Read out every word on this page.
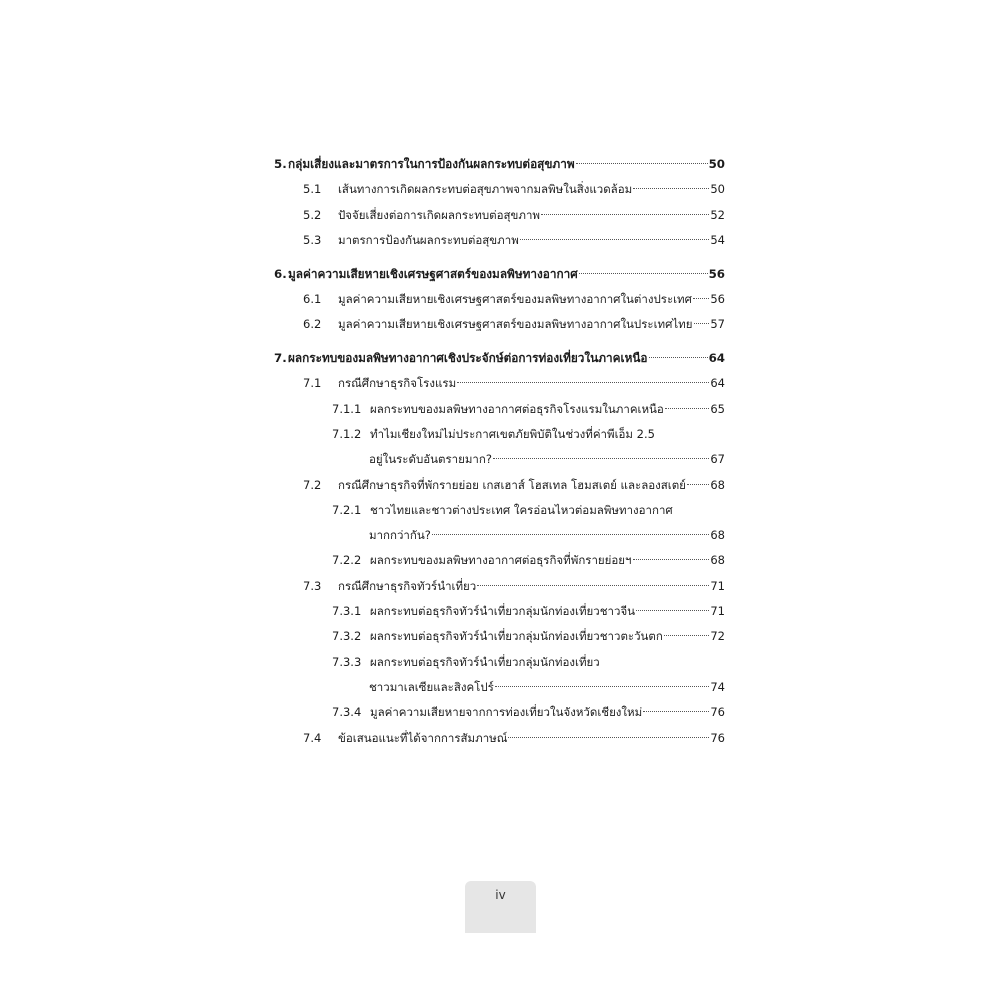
5. กลุ่มเสี่ยงและมาตรการในการป้องกันผลกระทบต่อสุขภาพ	50
5.1	เส้นทางการเกิดผลกระทบต่อสุขภาพจากมลพิษในสิ่งแวดล้อม	50
5.2	ปัจจัยเสี่ยงต่อการเกิดผลกระทบต่อสุขภาพ	52
5.3	มาตรการป้องกันผลกระทบต่อสุขภาพ	54
6. มูลค่าความเสียหายเชิงเศรษฐศาสตร์ของมลพิษทางอากาศ	56
6.1	มูลค่าความเสียหายเชิงเศรษฐศาสตร์ของมลพิษทางอากาศในต่างประเทศ 56
6.2	มูลค่าความเสียหายเชิงเศรษฐศาสตร์ของมลพิษทางอากาศในประเทศไทย 57
7. ผลกระทบของมลพิษทางอากาศเชิงประจักษ์ต่อการท่องเที่ยวในภาคเหนือ	64
7.1	กรณีศึกษาธุรกิจโรงแรม	64
7.1.1 ผลกระทบของมลพิษทางอากาศต่อธุรกิจโรงแรมในภาคเหนือ	65
7.1.2 ทำไมเชียงใหม่ไม่ประกาศเขตภัยพิบัติในช่วงที่ค่าพีเอ็ม 2.5
อยู่ในระดับอันตรายมาก?	67
7.2	กรณีศึกษาธุรกิจที่พักรายย่อย เกสเฮาส์ โฮสเทล โฮมสเตย์ และลองสเตย์ 68
7.2.1 ชาวไทยและชาวต่างประเทศ ใครอ่อนไหวต่อมลพิษทางอากาศ
มากกว่ากัน?	68
7.2.2 ผลกระทบของมลพิษทางอากาศต่อธุรกิจที่พักรายย่อยฯ	68
7.3	กรณีศึกษาธุรกิจทัวร์นำเที่ยว	71
7.3.1 ผลกระทบต่อธุรกิจทัวร์นำเที่ยวกลุ่มนักท่องเที่ยวชาวจีน	71
7.3.2 ผลกระทบต่อธุรกิจทัวร์นำเที่ยวกลุ่มนักท่องเที่ยวชาวตะวันตก	72
7.3.3 ผลกระทบต่อธุรกิจทัวร์นำเที่ยวกลุ่มนักท่องเที่ยว
ชาวมาเลเซียและสิงคโปร์	74
7.3.4 มูลค่าความเสียหายจากการท่องเที่ยวในจังหวัดเชียงใหม่	76
7.4	ข้อเสนอแนะที่ได้จากการสัมภาษณ์	76
iv
